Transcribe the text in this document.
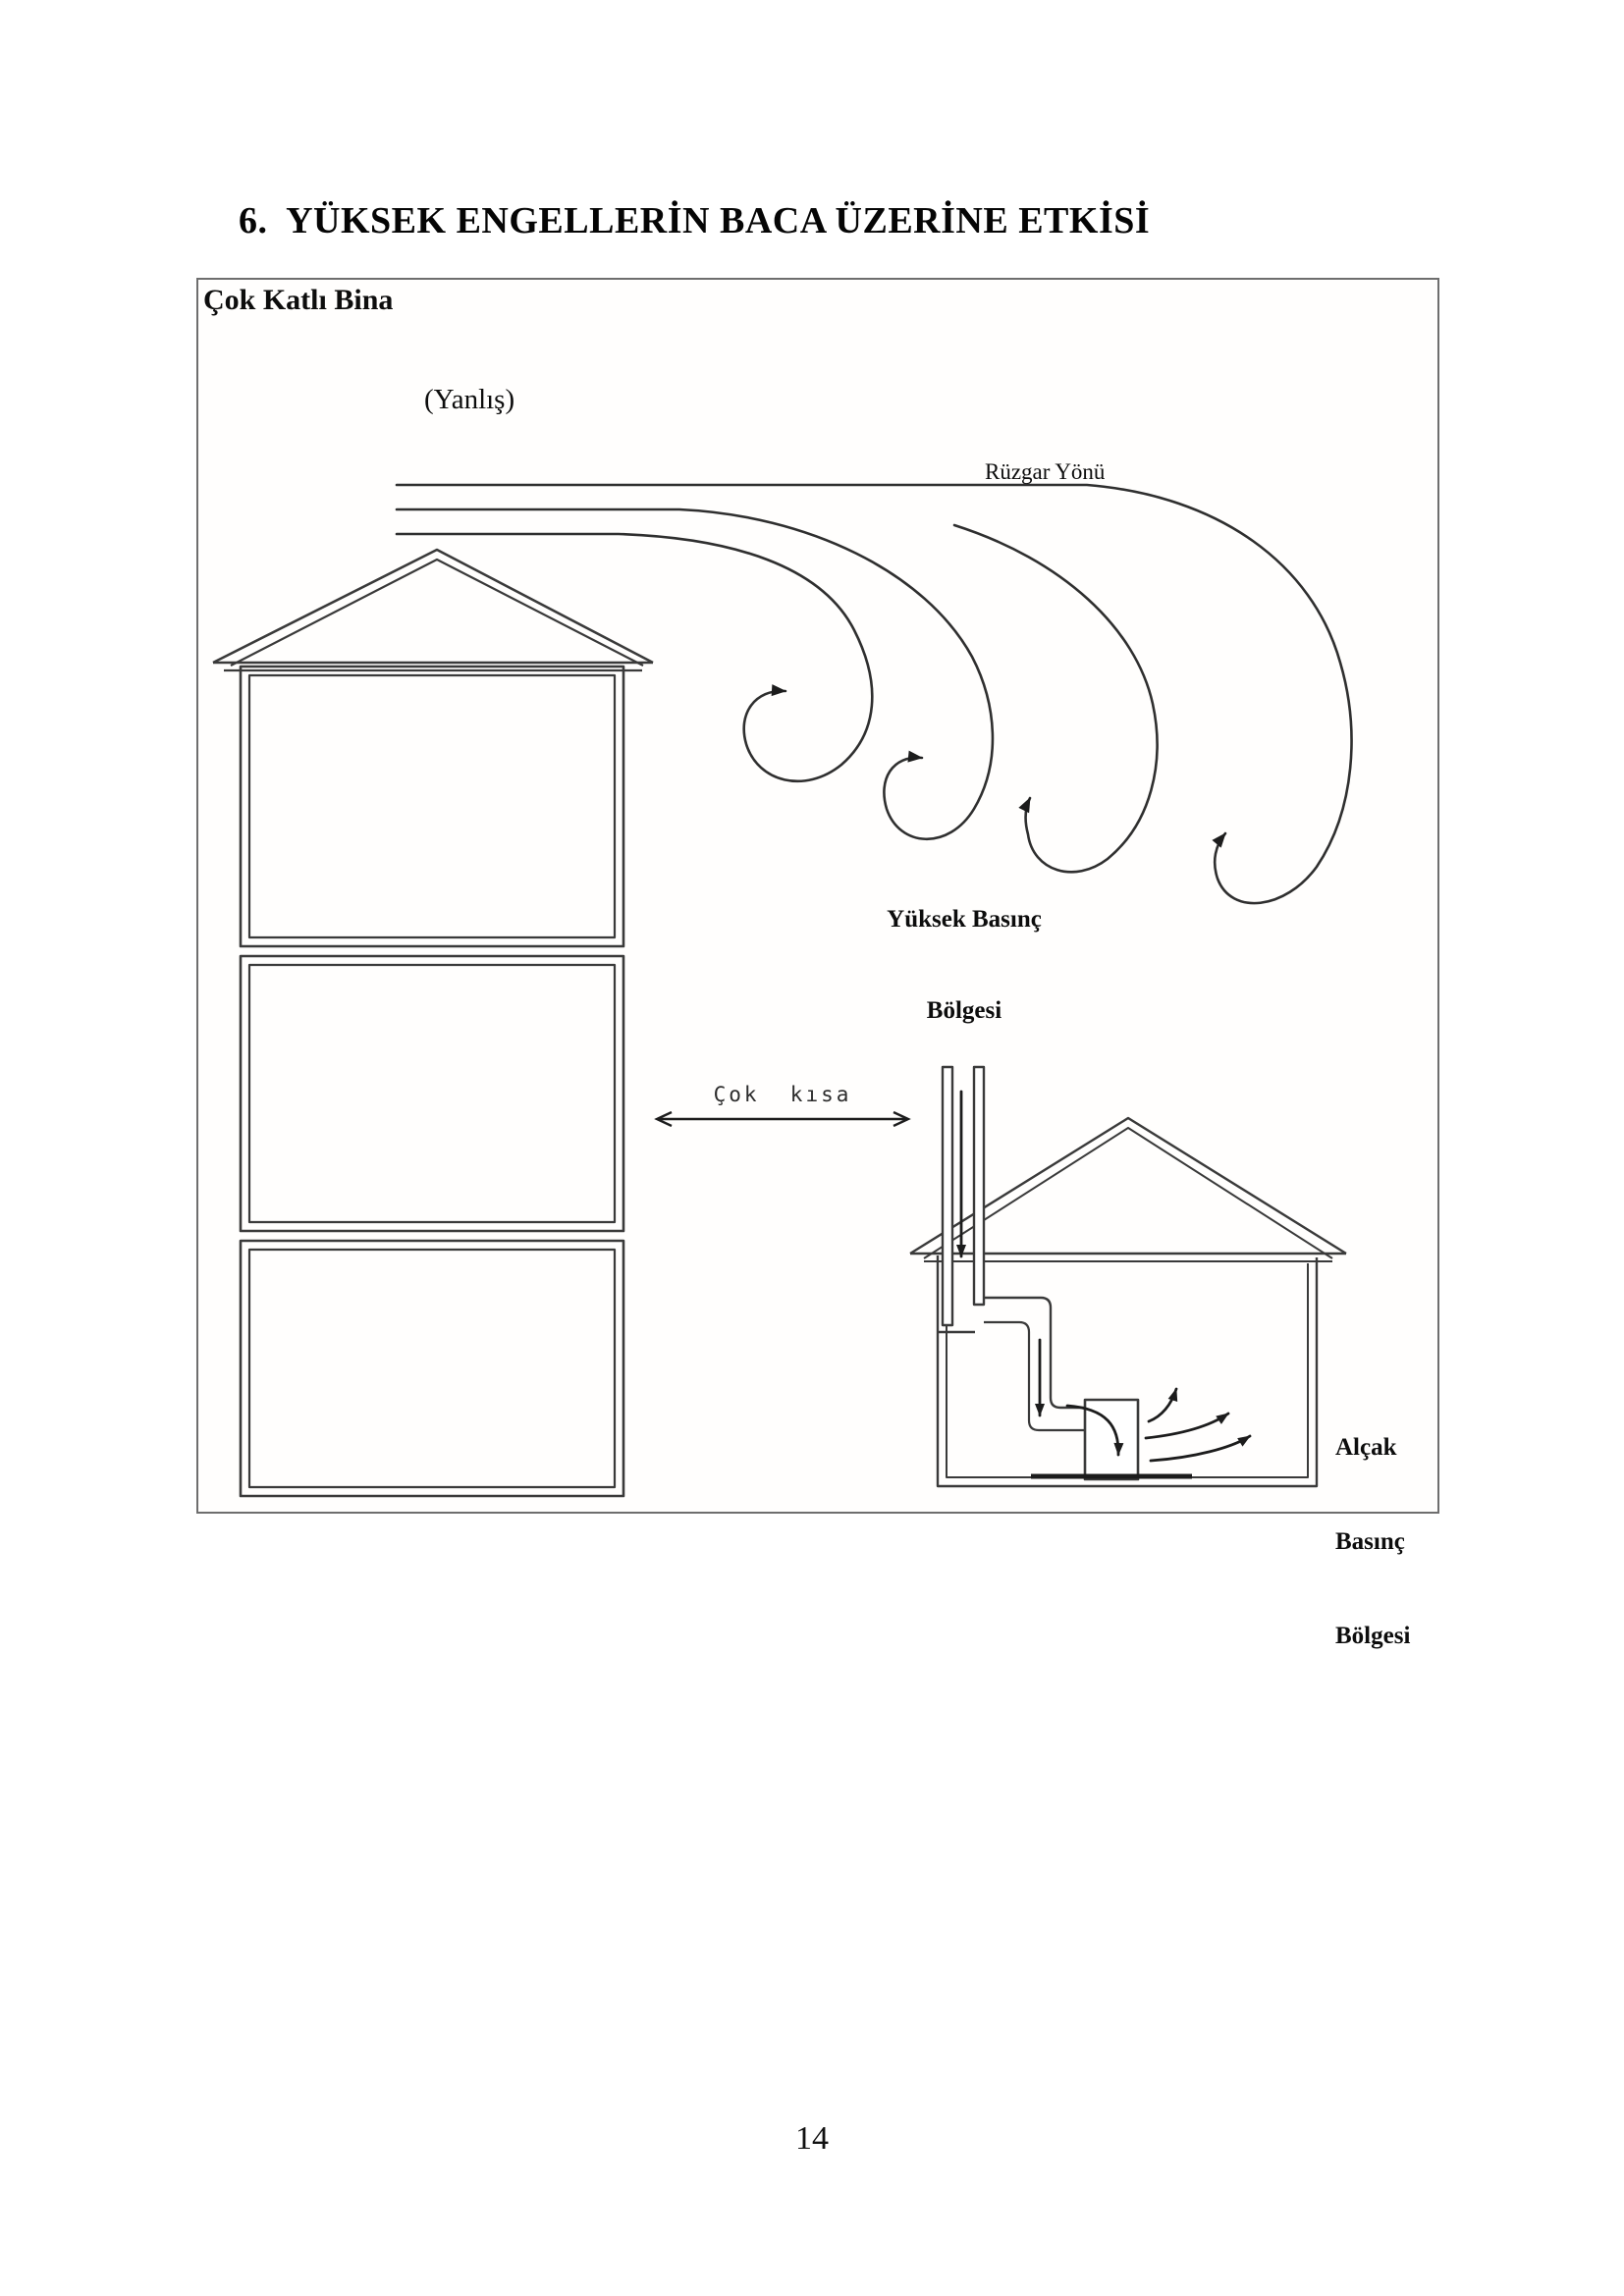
6.  YÜKSEK ENGELLERİN BACA ÜZERİNE ETKİSİ
Çok Katlı Bina
(Yanlış)
Rüzgar Yönü

Yüksek Basınç

Bölgesi

Çok  kısa

Alçak

Basınç

Bölgesi

14
